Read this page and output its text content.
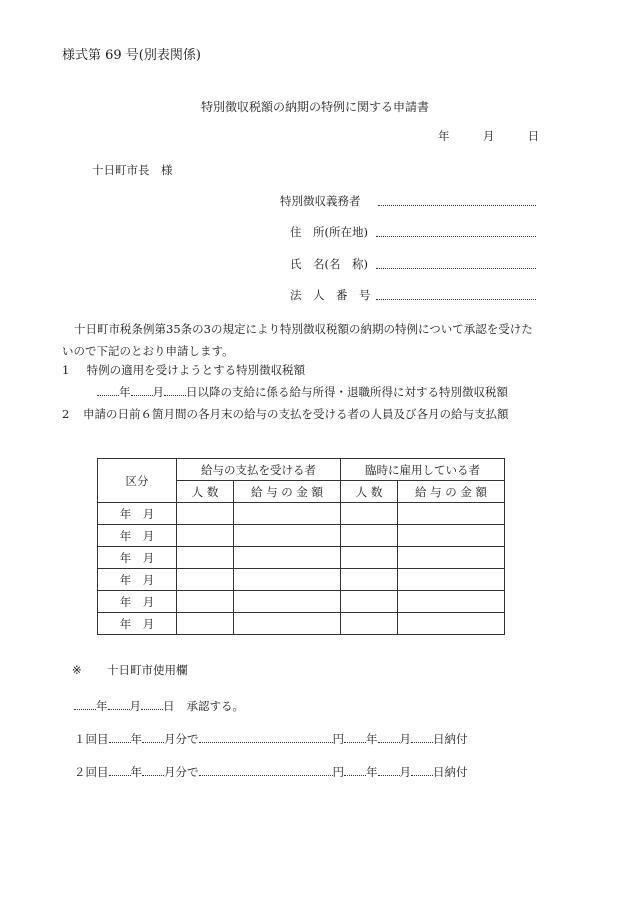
様式第 69 号(別表関係)
特別徴収税額の納期の特例に関する申請書
年	月	日
十日町市長　様
特別徴収義務者
住　所(所在地)
氏　名(名　称)
法　人　番　号
十日町市税条例第35条の3の規定により特別徴収税額の納期の特例について承認を受けたいので下記のとおり申請します。
1 特例の適用を受けようとする特別徴収税額
年 月 日以降の支給に係る給与所得・退職所得に対する特別徴収税額
2 申請の日前６箇月間の各月末の給与の支払を受ける者の人員及び各月の給与支払額
区分	給与の支払を受ける者		臨時に雇用している者	
	人 数	給 与 の 金 額	人 数	給 与 の 金 額
年　月				
年　月				
年　月				
年　月				
年　月				
年　月				
※ 十日町市使用欄
年 月 日 承認する。
１回目 年 月分で	円 年 月 日納付
２回目 年 月分で	円 年 月 日納付
